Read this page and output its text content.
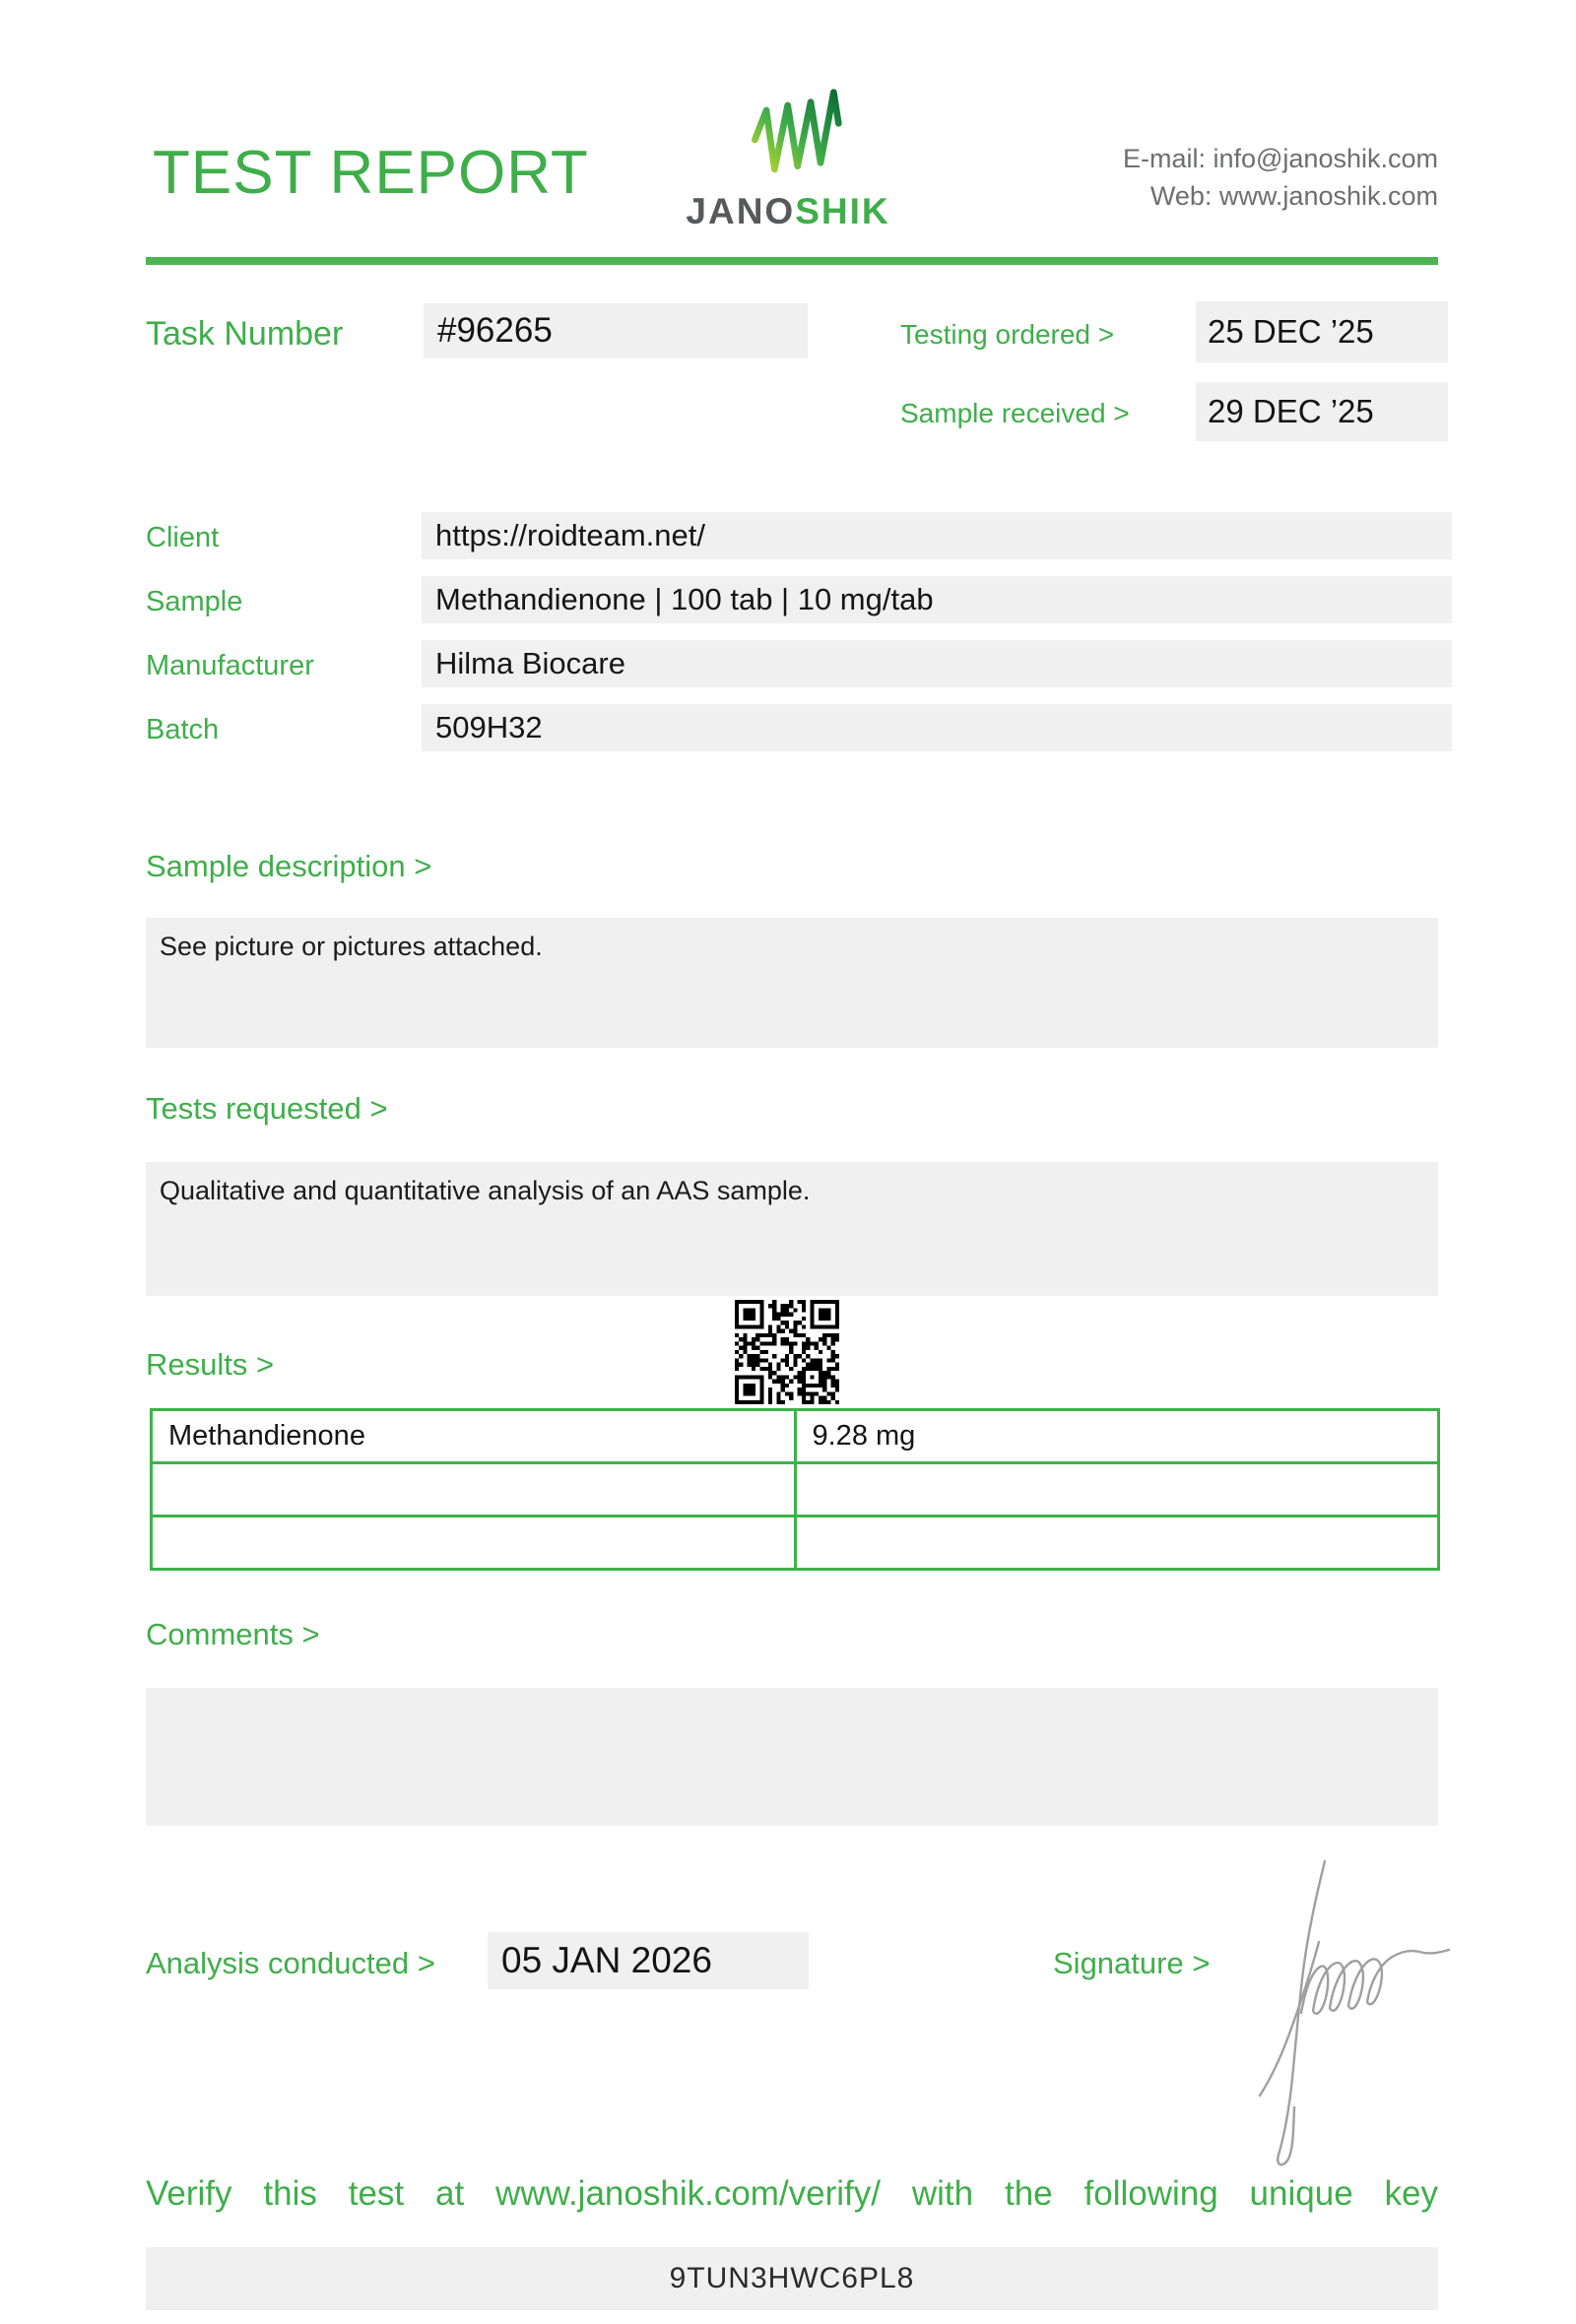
TEST REPORT
JANOSHIK
E-mail: info@janoshik.com
Web: www.janoshik.com
Task Number	#96265	Testing ordered >	25 DEC ’25
Sample received >	29 DEC ’25
Client	https://roidteam.net/
Sample	Methandienone | 100 tab | 10 mg/tab
Manufacturer	Hilma Biocare
Batch	509H32
Sample description >
See picture or pictures attached.
Tests requested >
Qualitative and quantitative analysis of an AAS sample.
Results >
Methandienone	9.28 mg

Comments >
Analysis conducted >	05 JAN 2026	Signature >
Verify this test at www.janoshik.com/verify/ with the following unique key
9TUN3HWC6PL8
